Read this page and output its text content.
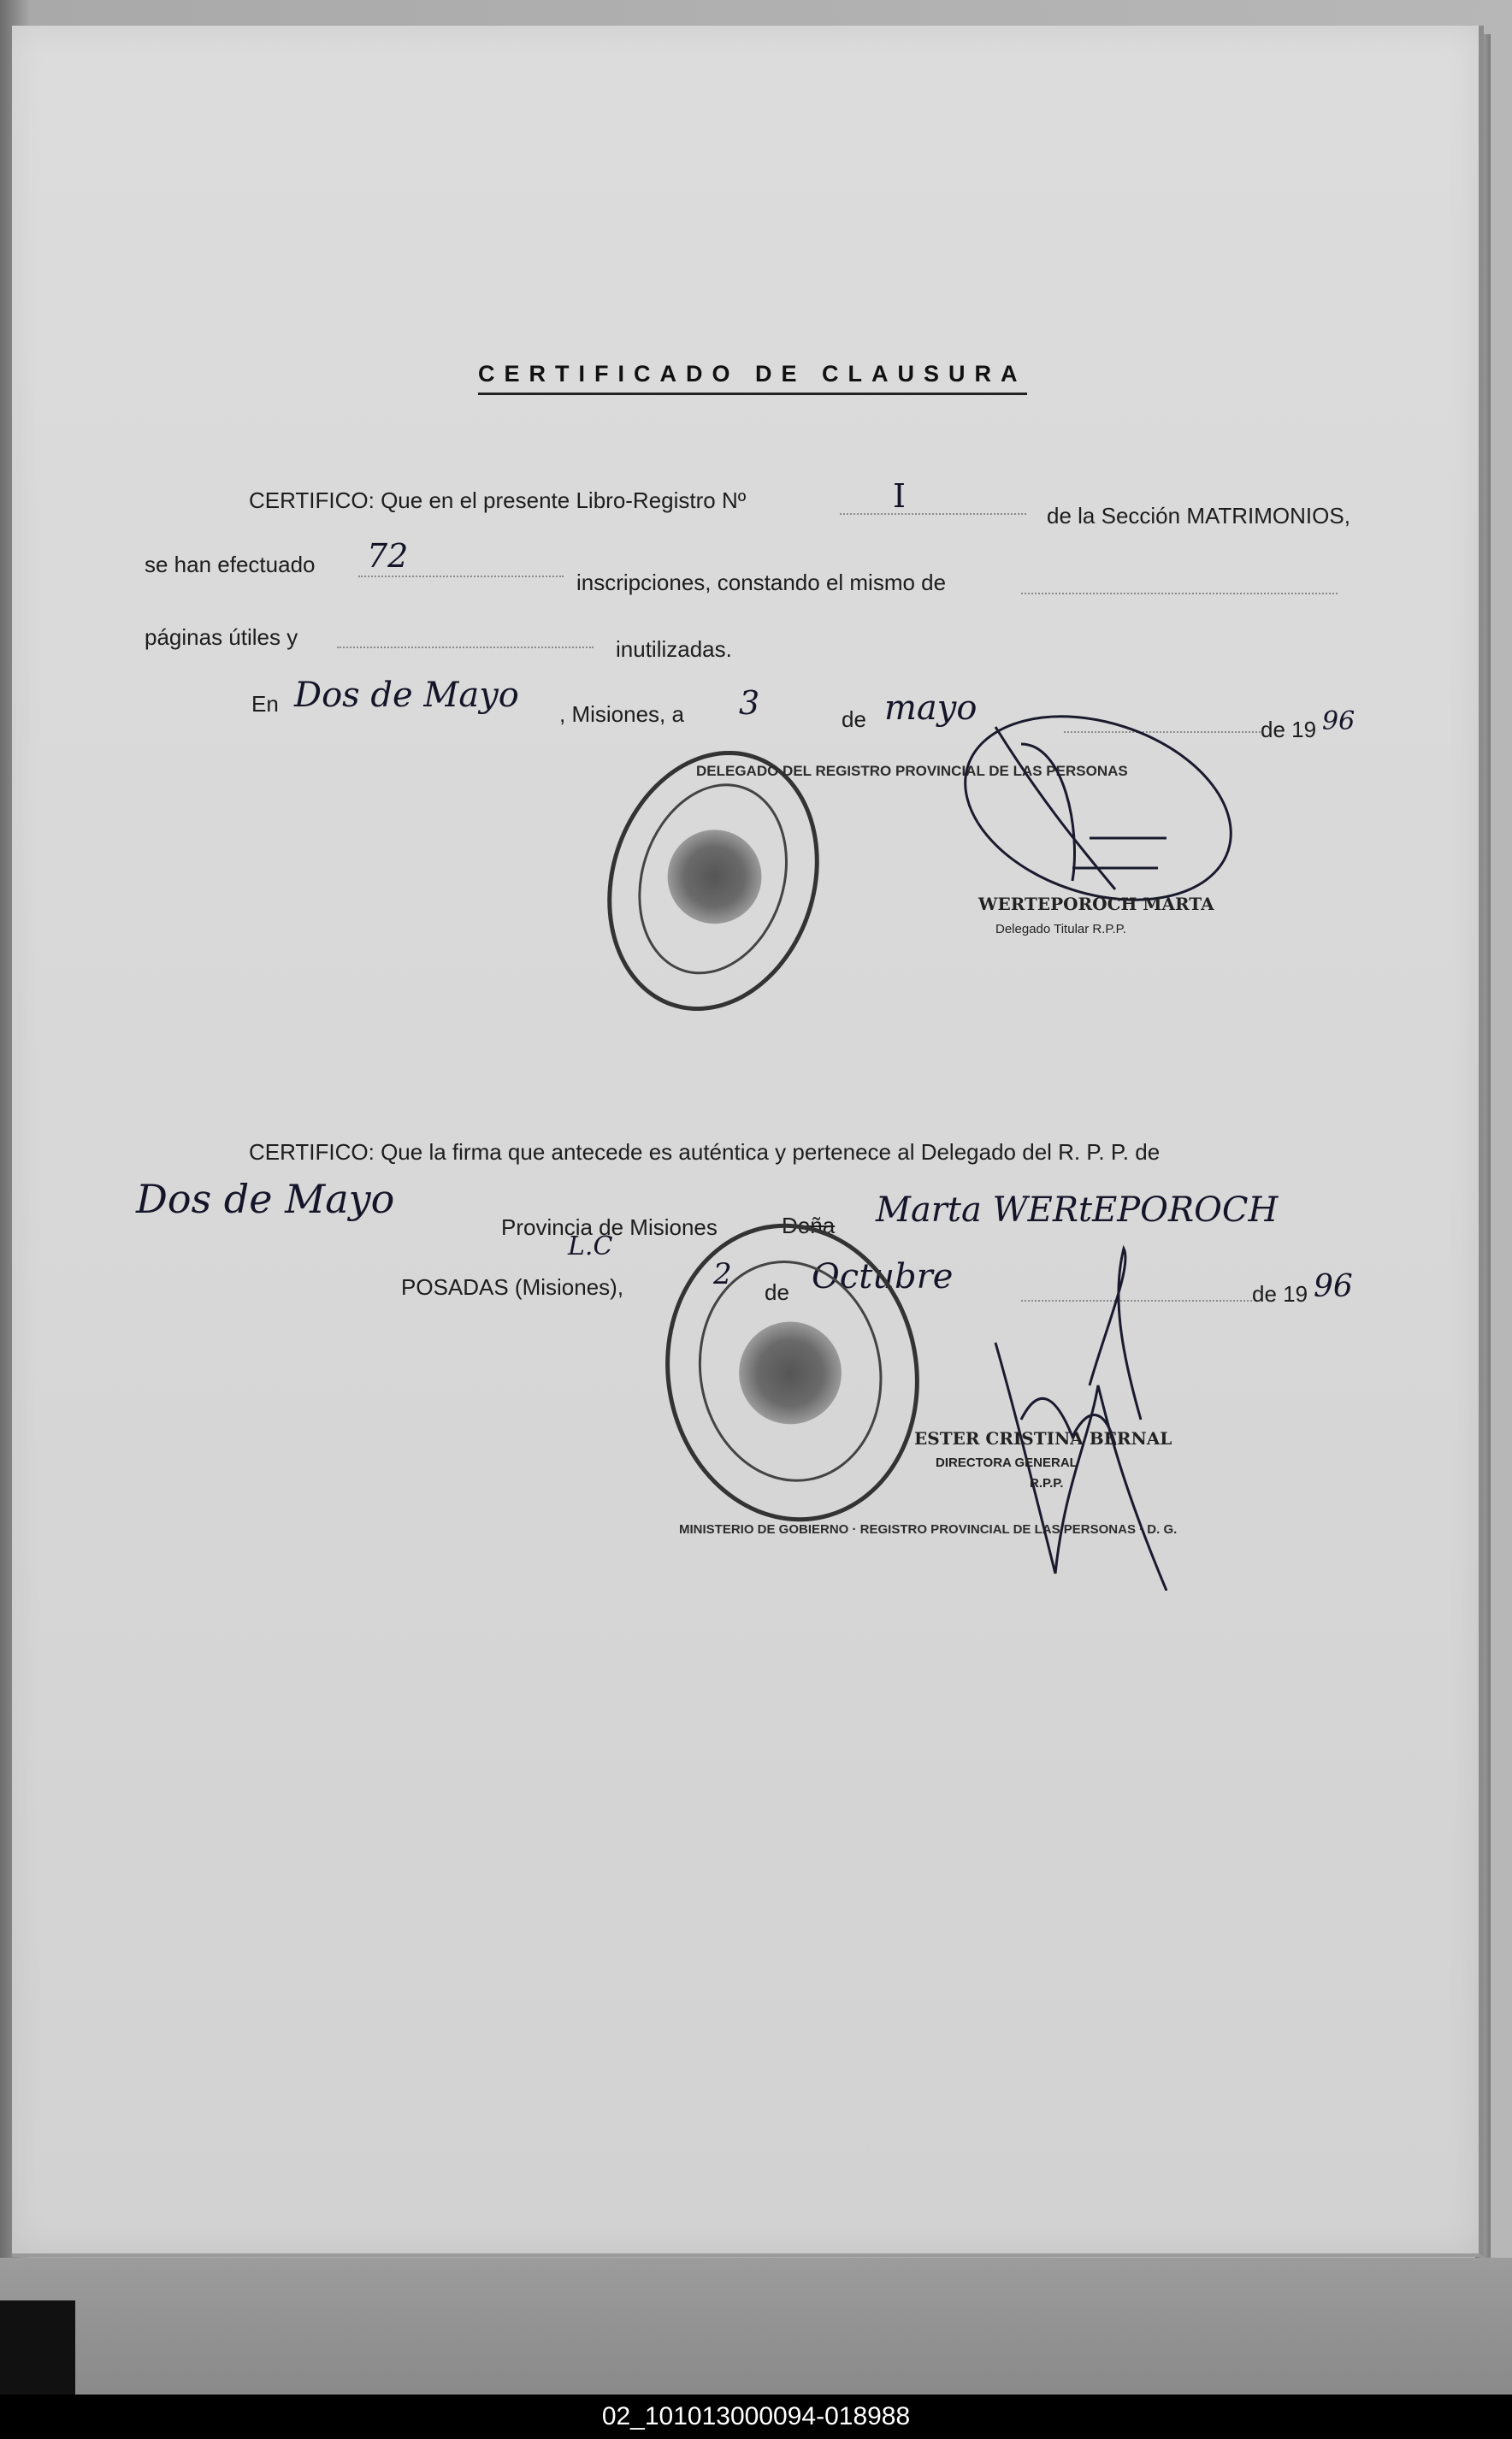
CERTIFICADO DE CLAUSURA
CERTIFICO: Que en el presente Libro-Registro Nº	I
de la Sección MATRIMONIOS,
se han efectuado 72
inscripciones, constando el mismo de
páginas útiles y	inutilizadas.
En Dos de Mayo , Misiones, a 3	de mayo
de 19 96
DELEGADO DEL REGISTRO PROVINCIAL DE LAS PERSONAS
WERTEPOROCH MARTA
Delegado Titular R.P.P.
CERTIFICO: Que la firma que antecede es auténtica y pertenece al Delegado del R. P. P. de
Dos de Mayo
Provincia de Misiones	Doña Marta WERtEPOROCH
L.C
POSADAS (Misiones),	2
de Octubre	de 19 96
MINISTERIO DE GOBIERNO · REGISTRO PROVINCIAL DE LAS PERSONAS · D. G.
ESTER CRISTINA BERNAL
DIRECTORA GENERAL
R.P.P.
02_101013000094-018988
